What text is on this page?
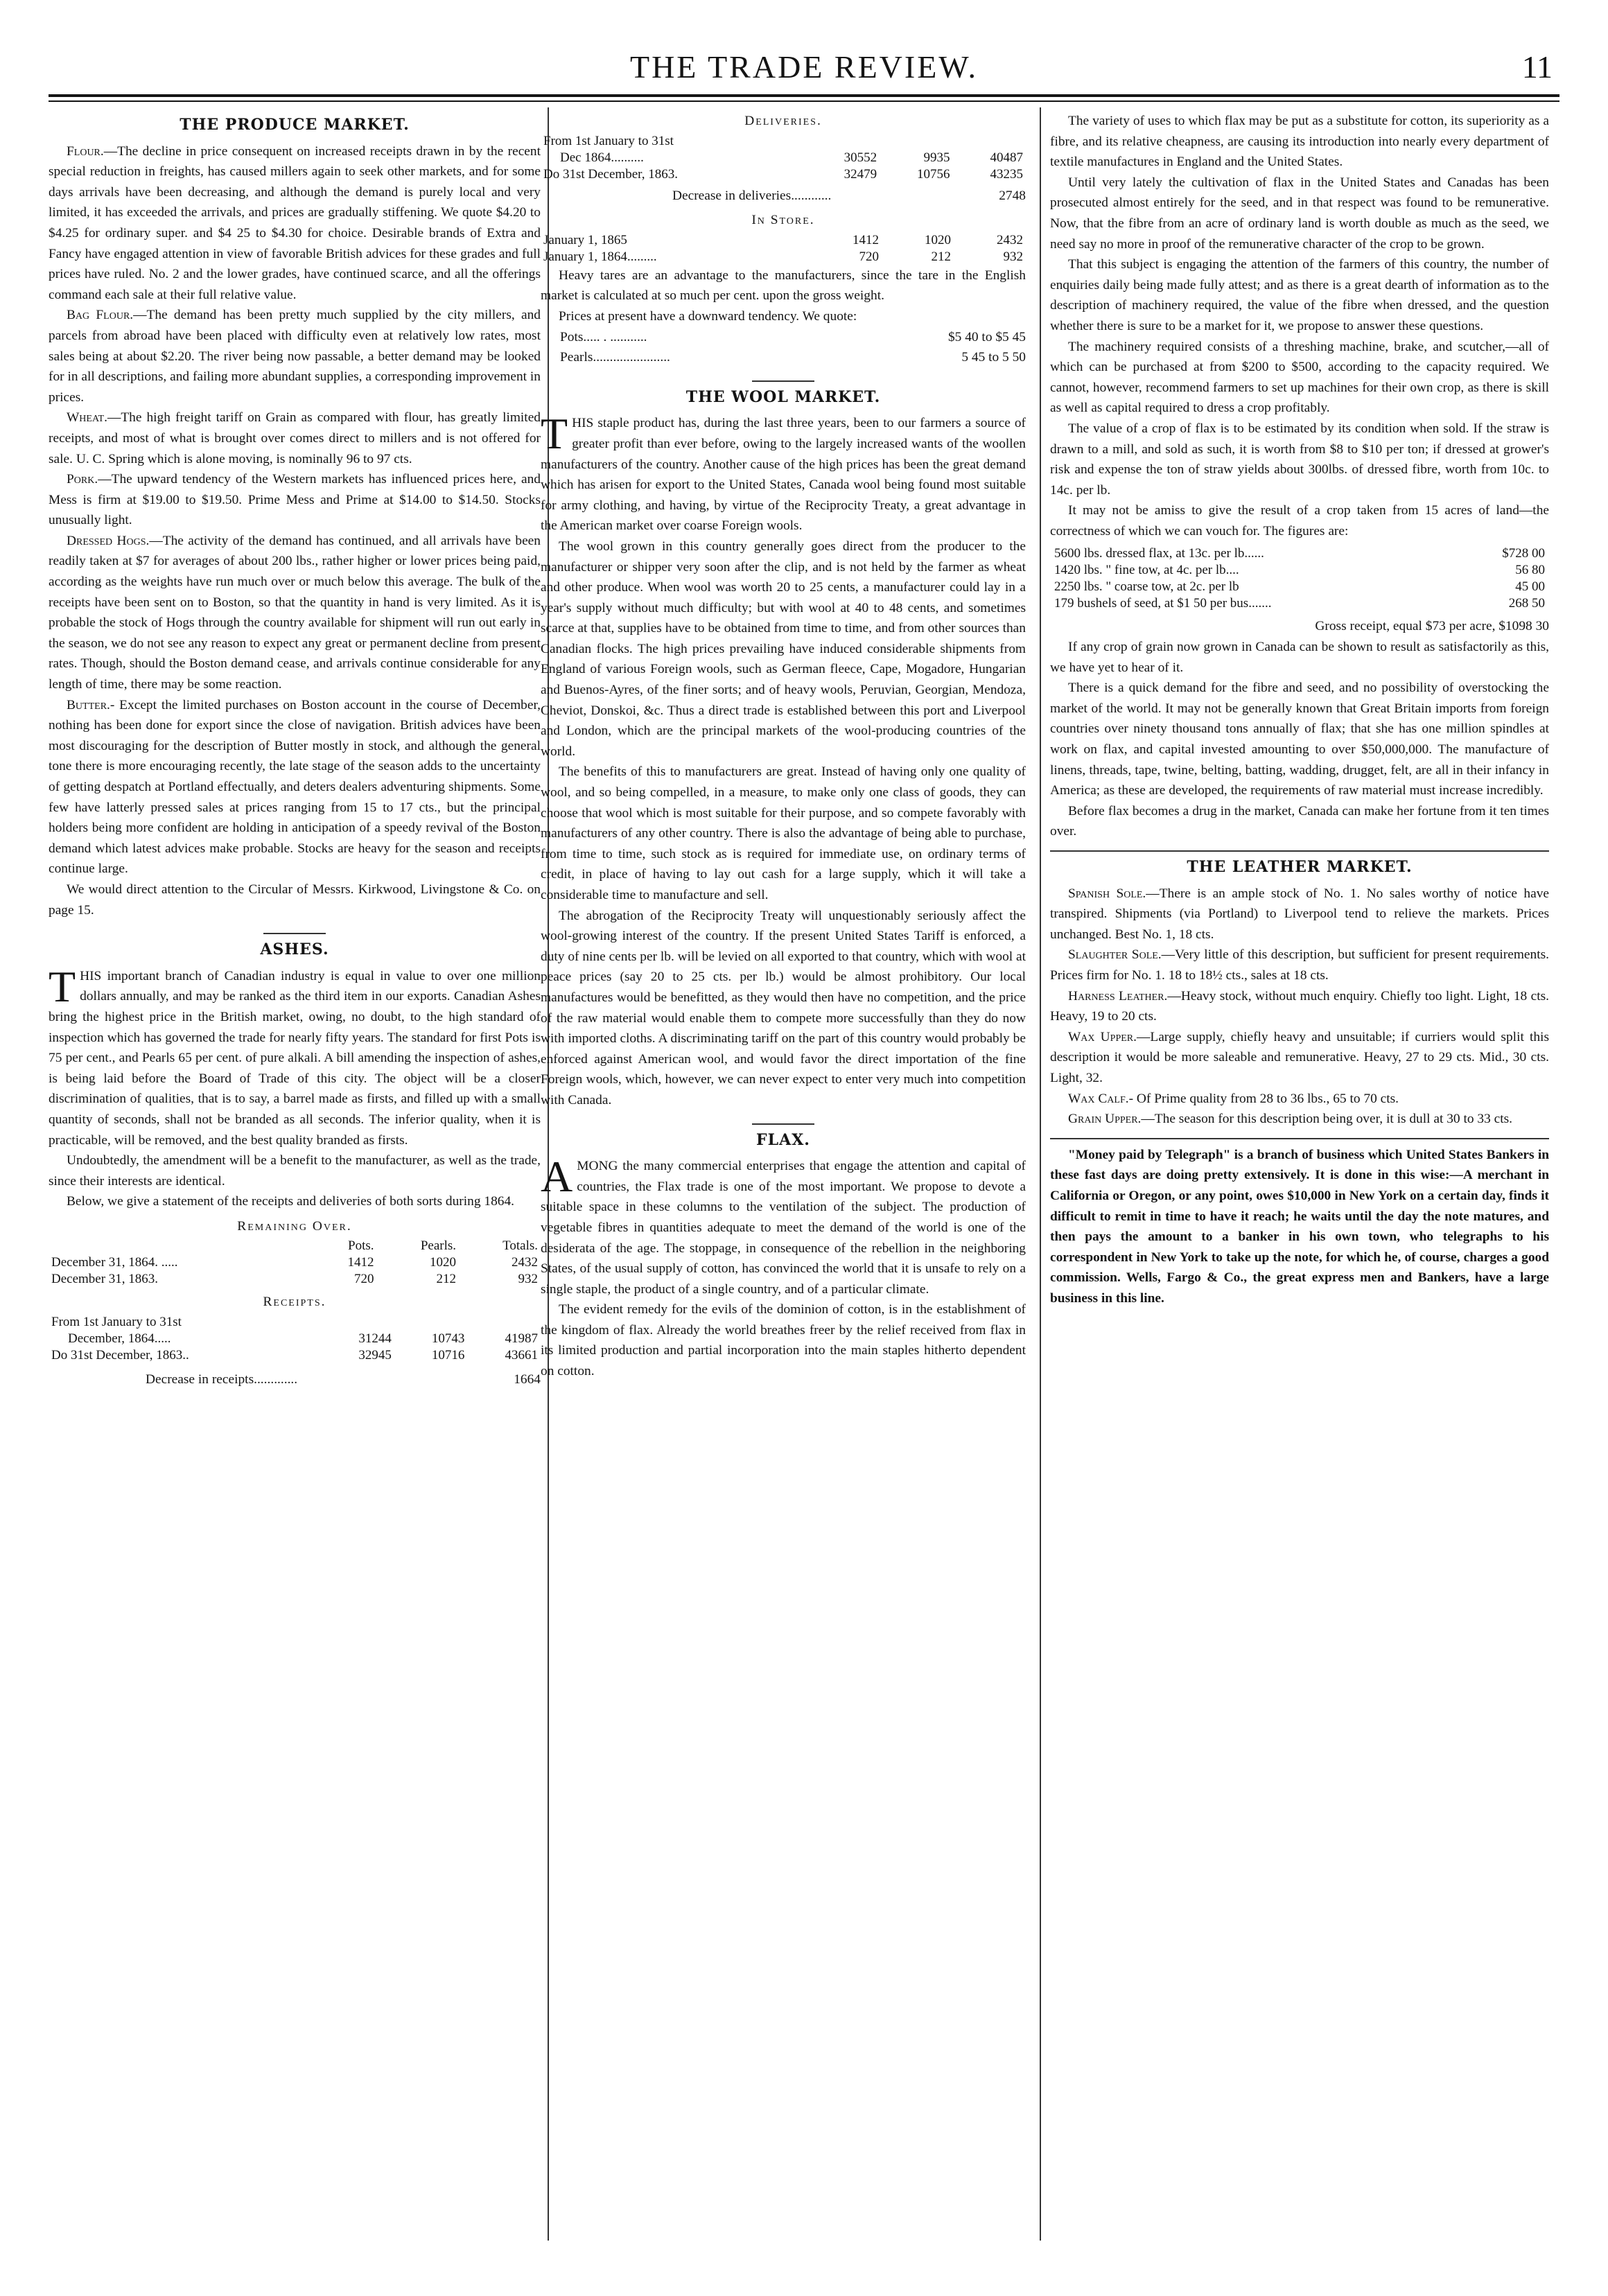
THE TRADE REVIEW.	11
THE PRODUCE MARKET.

Flour.—The decline in price consequent on increased receipts drawn in by the recent special reduction in freights, has caused millers again to seek other markets, and for some days arrivals have been decreasing, and although the demand is purely local and very limited, it has exceeded the arrivals, and prices are gradually stiffening. We quote $4.20 to $4.25 for ordinary super. and $4 25 to $4.30 for choice. Desirable brands of Extra and Fancy have engaged attention in view of favorable British advices for these grades and full prices have ruled. No. 2 and the lower grades, have continued scarce, and all the offerings command each sale at their full relative value.

Bag Flour.—The demand has been pretty much supplied by the city millers, and parcels from abroad have been placed with difficulty even at relatively low rates, most sales being at about $2.20. The river being now passable, a better demand may be looked for in all descriptions, and failing more abundant supplies, a corresponding improvement in prices.

Wheat.—The high freight tariff on Grain as compared with flour, has greatly limited receipts, and most of what is brought over comes direct to millers and is not offered for sale. U. C. Spring which is alone moving, is nominally 96 to 97 cts.

Pork.—The upward tendency of the Western markets has influenced prices here, and Mess is firm at $19.00 to $19.50. Prime Mess and Prime at $14.00 to $14.50. Stocks unusually light.

Dressed Hogs.—The activity of the demand has continued, and all arrivals have been readily taken at $7 for averages of about 200 lbs., rather higher or lower prices being paid, according as the weights have run much over or much below this average. The bulk of the receipts have been sent on to Boston, so that the quantity in hand is very limited. As it is probable the stock of Hogs through the country available for shipment will run out early in the season, we do not see any reason to expect any great or permanent decline from present rates. Though, should the Boston demand cease, and arrivals continue considerable for any length of time, there may be some reaction.

Butter.- Except the limited purchases on Boston account in the course of December, nothing has been done for export since the close of navigation. British advices have been most discouraging for the description of Butter mostly in stock, and although the general tone there is more encouraging recently, the late stage of the season adds to the uncertainty of getting despatch at Portland effectually, and deters dealers adventuring shipments. Some few have latterly pressed sales at prices ranging from 15 to 17 cts., but the principal holders being more confident are holding in anticipation of a speedy revival of the Boston demand which latest advices make probable. Stocks are heavy for the season and receipts continue large.

We would direct attention to the Circular of Messrs. Kirkwood, Livingstone & Co. on page 15.

ASHES.

THIS important branch of Canadian industry is equal in value to over one million dollars annually, and may be ranked as the third item in our exports. Canadian Ashes bring the highest price in the British market, owing, no doubt, to the high standard of inspection which has governed the trade for nearly fifty years. The standard for first Pots is 75 per cent., and Pearls 65 per cent. of pure alkali. A bill amending the inspection of ashes, is being laid before the Board of Trade of this city. The object will be a closer discrimination of qualities, that is to say, a barrel made as firsts, and filled up with a small quantity of seconds, shall not be branded as all seconds. The inferior quality, when it is practicable, will be removed, and the best quality branded as firsts.

Undoubtedly, the amendment will be a benefit to the manufacturer, as well as the trade, since their interests are identical.

Below, we give a statement of the receipts and deliveries of both sorts during 1864.

Remaining Over.
	Pots.	Pearls.	Totals.
December 31, 1864. .....	1412	1020	2432
December 31, 1863.	720	212	932
Receipts.
From 1st January to 31st			
December, 1864.....	31244	10743	41987
Do 31st December, 1863..	32945	10716	43661
Decrease in receipts.............	1664
Deliveries.
From 1st January to 31st			
Dec 1864..........	30552	9935	40487
Do 31st December, 1863.	32479	10756	43235
Decrease in deliveries............	2748
In Store.
January 1, 1865	1412	1020	2432
January 1, 1864.........	720	212	932

Heavy tares are an advantage to the manufacturers, since the tare in the English market is calculated at so much per cent. upon the gross weight.

Prices at present have a downward tendency. We quote:

Pots..... . ...........	$5 40 to $5 45
Pearls.......................	5 45 to 5 50
THE WOOL MARKET.

THIS staple product has, during the last three years, been to our farmers a source of greater profit than ever before, owing to the largely increased wants of the woollen manufacturers of the country. Another cause of the high prices has been the great demand which has arisen for export to the United States, Canada wool being found most suitable for army clothing, and having, by virtue of the Reciprocity Treaty, a great advantage in the American market over coarse Foreign wools.

The wool grown in this country generally goes direct from the producer to the manufacturer or shipper very soon after the clip, and is not held by the farmer as wheat and other produce. When wool was worth 20 to 25 cents, a manufacturer could lay in a year's supply without much difficulty; but with wool at 40 to 48 cents, and sometimes scarce at that, supplies have to be obtained from time to time, and from other sources than Canadian flocks. The high prices prevailing have induced considerable shipments from England of various Foreign wools, such as German fleece, Cape, Mogadore, Hungarian and Buenos-Ayres, of the finer sorts; and of heavy wools, Peruvian, Georgian, Mendoza, Cheviot, Donskoi, &c. Thus a direct trade is established between this port and Liverpool and London, which are the principal markets of the wool-producing countries of the world.

The benefits of this to manufacturers are great. Instead of having only one quality of wool, and so being compelled, in a measure, to make only one class of goods, they can choose that wool which is most suitable for their purpose, and so compete favorably with manufacturers of any other country. There is also the advantage of being able to purchase, from time to time, such stock as is required for immediate use, on ordinary terms of credit, in place of having to lay out cash for a large supply, which it will take a considerable time to manufacture and sell.

The abrogation of the Reciprocity Treaty will unquestionably seriously affect the wool-growing interest of the country. If the present United States Tariff is enforced, a duty of nine cents per lb. will be levied on all exported to that country, which with wool at peace prices (say 20 to 25 cts. per lb.) would be almost prohibitory. Our local manufactures would be benefitted, as they would then have no competition, and the price of the raw material would enable them to compete more successfully than they do now with imported cloths. A discriminating tariff on the part of this country would probably be enforced against American wool, and would favor the direct importation of the fine Foreign wools, which, however, we can never expect to enter very much into competition with Canada.

FLAX.

AMONG the many commercial enterprises that engage the attention and capital of countries, the Flax trade is one of the most important. We propose to devote a suitable space in these columns to the ventilation of the subject. The production of vegetable fibres in quantities adequate to meet the demand of the world is one of the desiderata of the age. The stoppage, in consequence of the rebellion in the neighboring States, of the usual supply of cotton, has convinced the world that it is unsafe to rely on a single staple, the product of a single country, and of a particular climate.

The evident remedy for the evils of the dominion of cotton, is in the establishment of the kingdom of flax. Already the world breathes freer by the relief received from flax in its limited production and partial incorporation into the main staples hitherto dependent on cotton.

The variety of uses to which flax may be put as a substitute for cotton, its superiority as a fibre, and its relative cheapness, are causing its introduction into nearly every department of textile manufactures in England and the United States.

Until very lately the cultivation of flax in the United States and Canadas has been prosecuted almost entirely for the seed, and in that respect was found to be remunerative. Now, that the fibre from an acre of ordinary land is worth double as much as the seed, we need say no more in proof of the remunerative character of the crop to be grown.

That this subject is engaging the attention of the farmers of this country, the number of enquiries daily being made fully attest; and as there is a great dearth of information as to the description of machinery required, the value of the fibre when dressed, and the question whether there is sure to be a market for it, we propose to answer these questions.

The machinery required consists of a threshing machine, brake, and scutcher,—all of which can be purchased at from $200 to $500, according to the capacity required. We cannot, however, recommend farmers to set up machines for their own crop, as there is skill as well as capital required to dress a crop profitably.

The value of a crop of flax is to be estimated by its condition when sold. If the straw is drawn to a mill, and sold as such, it is worth from $8 to $10 per ton; if dressed at grower's risk and expense the ton of straw yields about 300lbs. of dressed fibre, worth from 10c. to 14c. per lb.

It may not be amiss to give the result of a crop taken from 15 acres of land—the correctness of which we can vouch for. The figures are:

5600 lbs. dressed flax, at 13c. per lb......	$728 00
1420 lbs. " fine tow, at 4c. per lb....	56 80
2250 lbs. " coarse tow, at 2c. per lb	45 00
179 bushels of seed, at $1 50 per bus.......	268 50
Gross receipt, equal $73 per acre, $1098 30

If any crop of grain now grown in Canada can be shown to result as satisfactorily as this, we have yet to hear of it.

There is a quick demand for the fibre and seed, and no possibility of overstocking the market of the world. It may not be generally known that Great Britain imports from foreign countries over ninety thousand tons annually of flax; that she has one million spindles at work on flax, and capital invested amounting to over $50,000,000. The manufacture of linens, threads, tape, twine, belting, batting, wadding, drugget, felt, are all in their infancy in America; as these are developed, the requirements of raw material must increase incredibly.

Before flax becomes a drug in the market, Canada can make her fortune from it ten times over.

THE LEATHER MARKET.

Spanish Sole.—There is an ample stock of No. 1. No sales worthy of notice have transpired. Shipments (via Portland) to Liverpool tend to relieve the markets. Prices unchanged. Best No. 1, 18 cts.

Slaughter Sole.—Very little of this description, but sufficient for present requirements. Prices firm for No. 1. 18 to 18½ cts., sales at 18 cts.

Harness Leather.—Heavy stock, without much enquiry. Chiefly too light. Light, 18 cts. Heavy, 19 to 20 cts.

Wax Upper.—Large supply, chiefly heavy and unsuitable; if curriers would split this description it would be more saleable and remunerative. Heavy, 27 to 29 cts. Mid., 30 cts. Light, 32.

Wax Calf.- Of Prime quality from 28 to 36 lbs., 65 to 70 cts.

Grain Upper.—The season for this description being over, it is dull at 30 to 33 cts.

"Money paid by Telegraph" is a branch of business which United States Bankers in these fast days are doing pretty extensively. It is done in this wise:—A merchant in California or Oregon, or any point, owes $10,000 in New York on a certain day, finds it difficult to remit in time to have it reach; he waits until the day the note matures, and then pays the amount to a banker in his own town, who telegraphs to his correspondent in New York to take up the note, for which he, of course, charges a good commission. Wells, Fargo & Co., the great express men and Bankers, have a large business in this line.
